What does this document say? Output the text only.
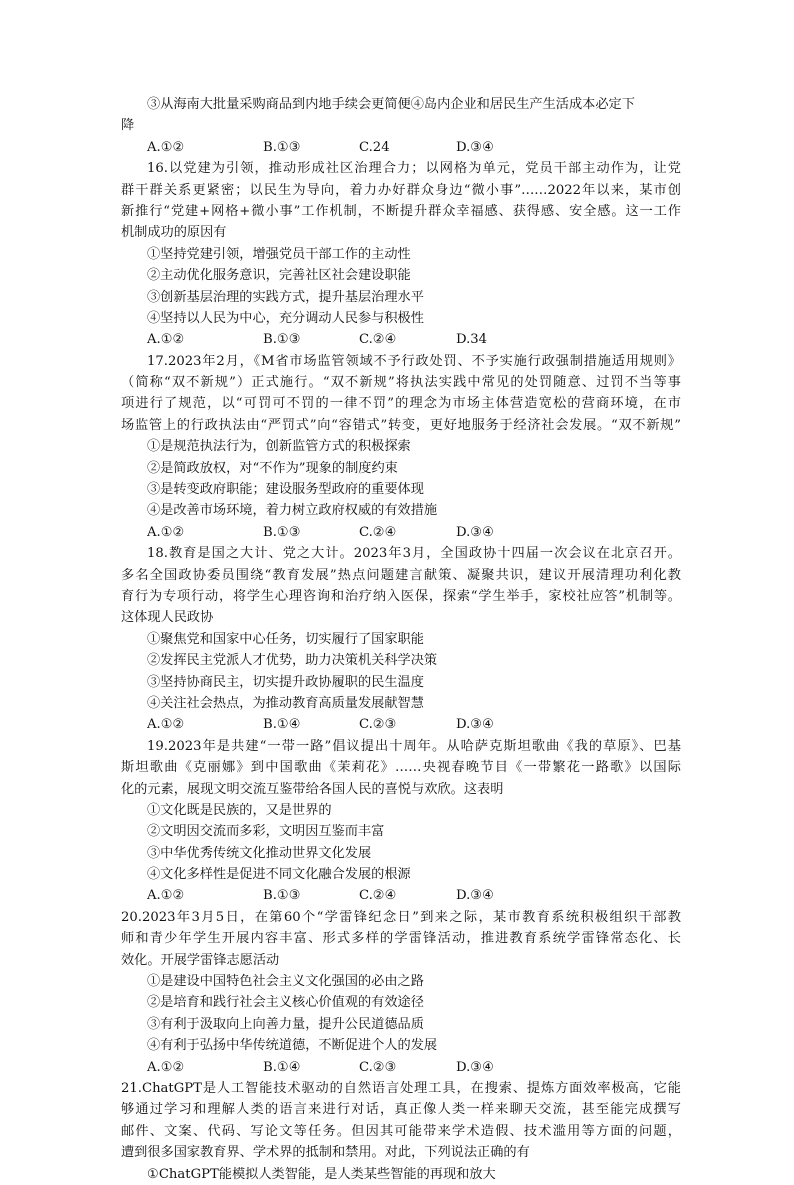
③从海南大批量采购商品到内地手续会更简便④岛内企业和居民生产生活成本必定下
降
A.①②	B.①③	C.24	D.③④
16.以党建为引领，推动形成社区治理合力；以网格为单元，党员干部主动作为，让党
群干群关系更紧密；以民生为导向，着力办好群众身边“微小事”……2022年以来，某市创
新推行“党建+网格+微小事”工作机制，不断提升群众幸福感、获得感、安全感。这一工作
机制成功的原因有
①坚持党建引领，增强党员干部工作的主动性
②主动优化服务意识，完善社区社会建设职能
③创新基层治理的实践方式，提升基层治理水平
④坚持以人民为中心，充分调动人民参与积极性
A.①②	B.①③	C.②④	D.34
17.2023年2月，《M省市场监管领域不予行政处罚、不予实施行政强制措施适用规则》
（简称“双不新规”）正式施行。“双不新规”将执法实践中常见的处罚随意、过罚不当等事
项进行了规范，以“可罚可不罚的一律不罚”的理念为市场主体营造宽松的营商环境，在市
场监管上的行政执法由“严罚式”向“容错式”转变，更好地服务于经济社会发展。“双不新规”
①是规范执法行为，创新监管方式的积极探索
②是简政放权，对“不作为”现象的制度约束
③是转变政府职能；建设服务型政府的重要体现
④是改善市场环境，着力树立政府权威的有效措施
A.①②	B.①③	C.②④	D.③④
18.教育是国之大计、党之大计。2023年3月，全国政协十四届一次会议在北京召开。
多名全国政协委员围绕“教育发展”热点问题建言献策、凝聚共识，建议开展清理功利化教
育行为专项行动，将学生心理咨询和治疗纳入医保，探索“学生举手，家校社应答”机制等。
这体现人民政协
①聚焦党和国家中心任务，切实履行了国家职能
②发挥民主党派人才优势，助力决策机关科学决策
③坚持协商民主，切实提升政协履职的民生温度
④关注社会热点，为推动教育高质量发展献智慧
A.①②	B.①④	C.②③	D.③④
19.2023年是共建“一带一路”倡议提出十周年。从哈萨克斯坦歌曲《我的草原》、巴基
斯坦歌曲《克丽娜》到中国歌曲《茉莉花》……央视春晚节目《一带繁花一路歌》以国际
化的元素，展现文明交流互鉴带给各国人民的喜悦与欢欣。这表明
①文化既是民族的，又是世界的
②文明因交流而多彩，文明因互鉴而丰富
③中华优秀传统文化推动世界文化发展
④文化多样性是促进不同文化融合发展的根源
A.①②	B.①③	C.②④	D.③④
20.2023年3月5日，在第60个“学雷锋纪念日”到来之际，某市教育系统积极组织干部教
师和青少年学生开展内容丰富、形式多样的学雷锋活动，推进教育系统学雷锋常态化、长
效化。开展学雷锋志愿活动
①是建设中国特色社会主义文化强国的必由之路
②是培育和践行社会主义核心价值观的有效途径
③有利于汲取向上向善力量，提升公民道德品质
④有利于弘扬中华传统道德，不断促进个人的发展
A.①②	B.①④	C.②③	D.③④
21.ChatGPT是人工智能技术驱动的自然语言处理工具，在搜索、提炼方面效率极高，它能
够通过学习和理解人类的语言来进行对话，真正像人类一样来聊天交流，甚至能完成撰写
邮件、文案、代码、写论文等任务。但因其可能带来学术造假、技术滥用等方面的问题，
遭到很多国家教育界、学术界的抵制和禁用。对此，下列说法正确的有
①ChatGPT能模拟人类智能，是人类某些智能的再现和放大
